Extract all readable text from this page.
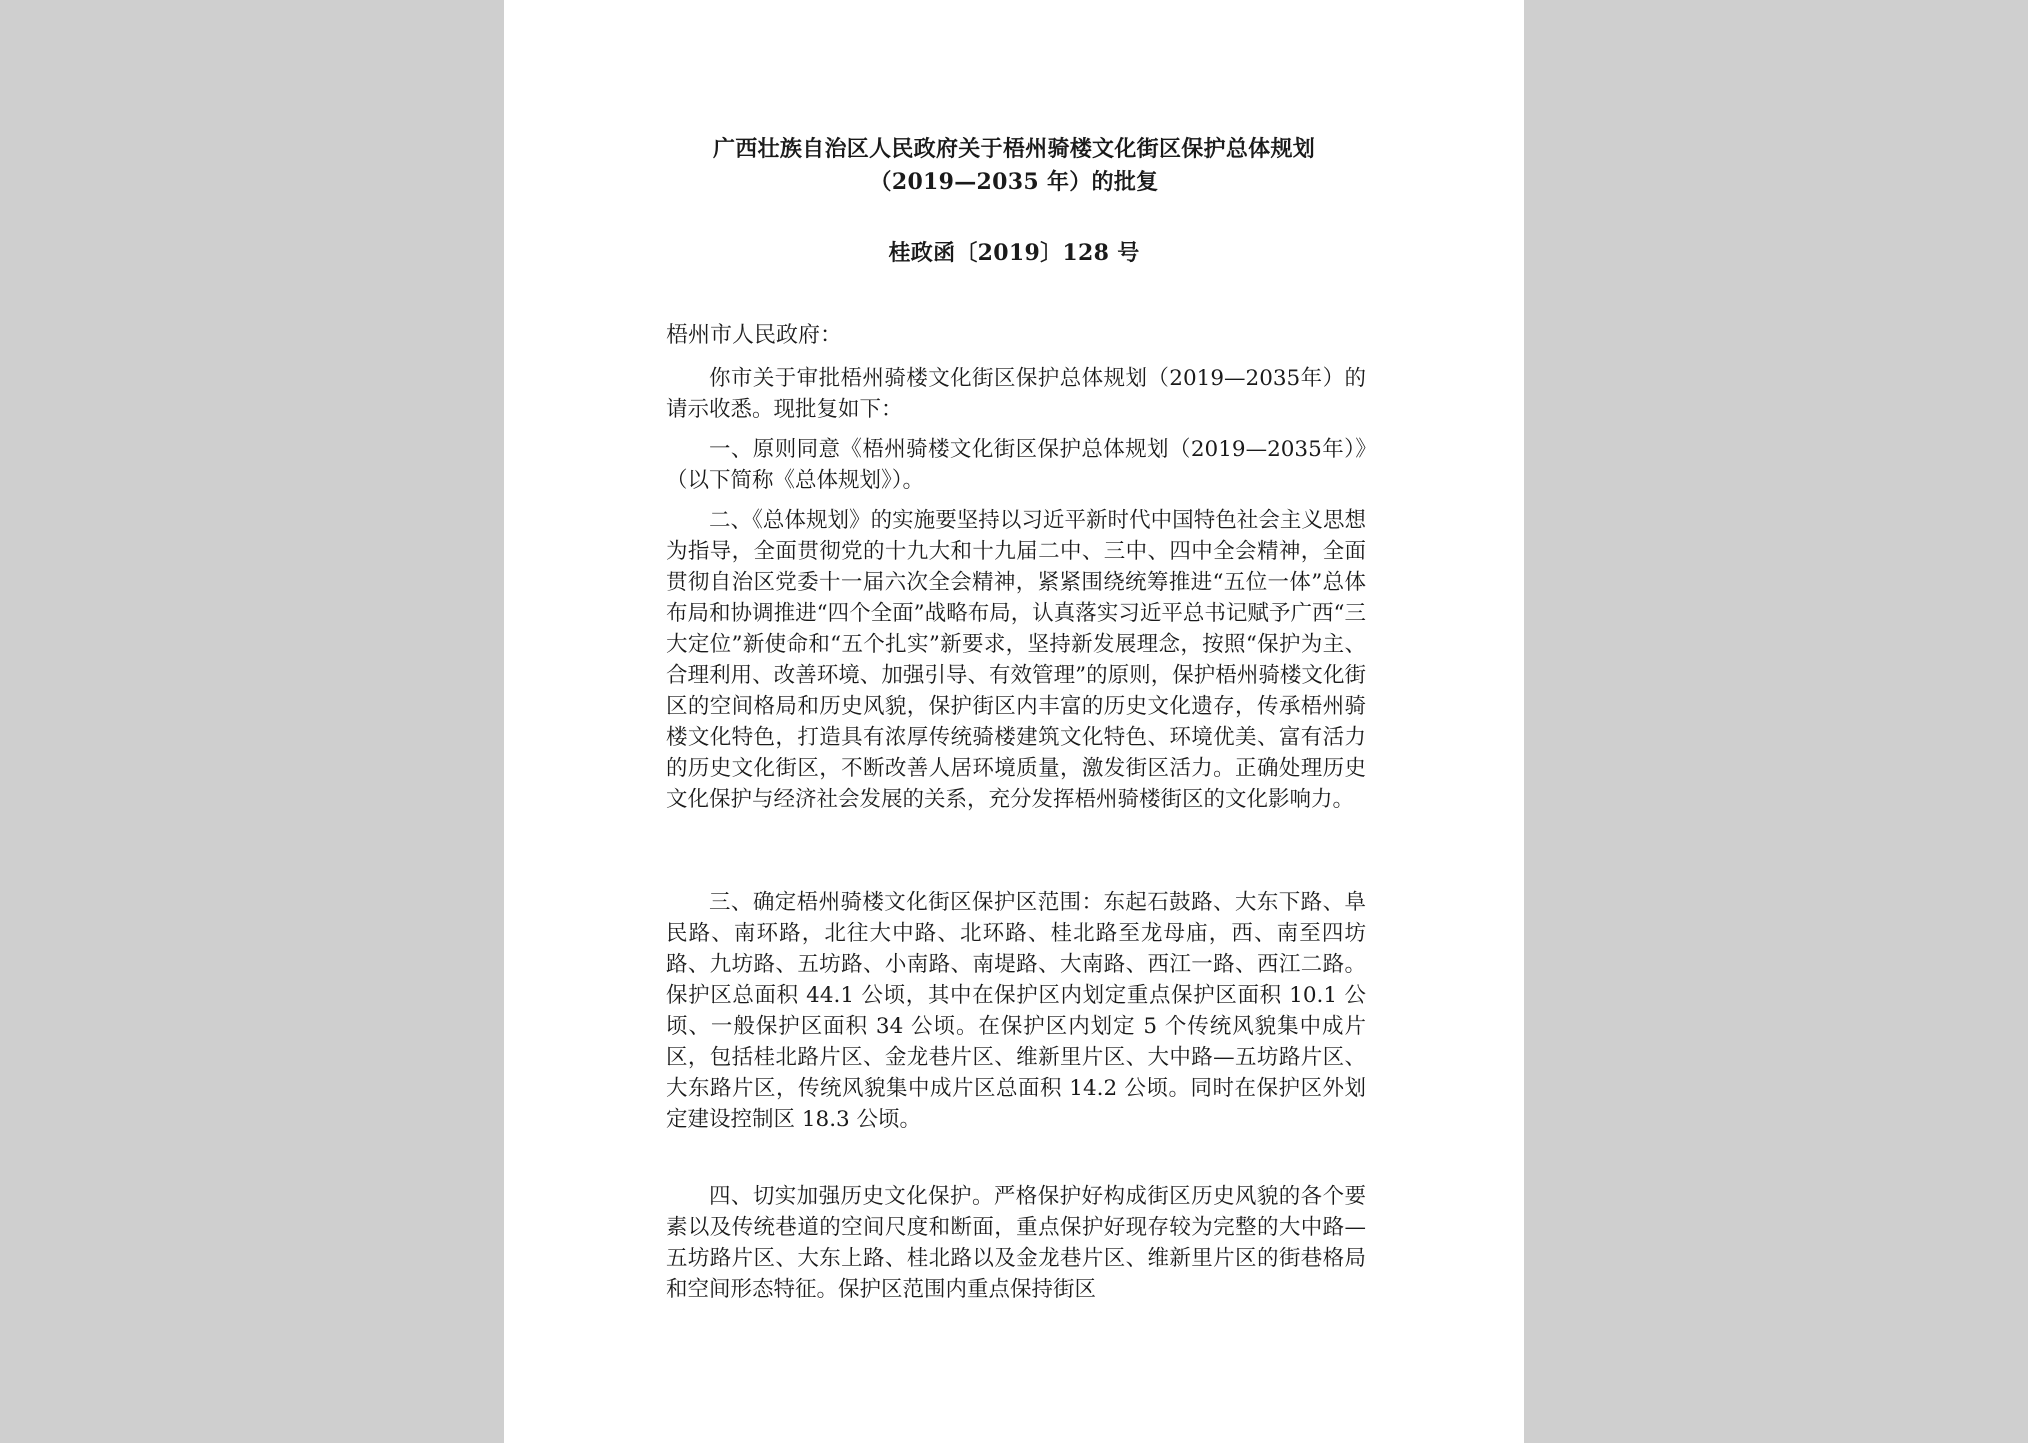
广西壮族自治区人民政府关于梧州骑楼文化街区保护总体规划
（2019—2035 年）的批复
桂政函〔2019〕128 号
梧州市人民政府：

你市关于审批梧州骑楼文化街区保护总体规划（2019—2035年）的请示收悉。现批复如下：

一、原则同意《梧州骑楼文化街区保护总体规划（2019—2035年）》（以下简称《总体规划》）。

二、《总体规划》的实施要坚持以习近平新时代中国特色社会主义思想为指导，全面贯彻党的十九大和十九届二中、三中、四中全会精神，全面贯彻自治区党委十一届六次全会精神，紧紧围绕统筹推进“五位一体”总体布局和协调推进“四个全面”战略布局，认真落实习近平总书记赋予广西“三大定位”新使命和“五个扎实”新要求，坚持新发展理念，按照“保护为主、合理利用、改善环境、加强引导、有效管理”的原则，保护梧州骑楼文化街区的空间格局和历史风貌，保护街区内丰富的历史文化遗存，传承梧州骑楼文化特色，打造具有浓厚传统骑楼建筑文化特色、环境优美、富有活力的历史文化街区，不断改善人居环境质量，激发街区活力。正确处理历史文化保护与经济社会发展的关系，充分发挥梧州骑楼街区的文化影响力。

三、确定梧州骑楼文化街区保护区范围：东起石鼓路、大东下路、阜民路、南环路，北往大中路、北环路、桂北路至龙母庙，西、南至四坊路、九坊路、五坊路、小南路、南堤路、大南路、西江一路、西江二路。保护区总面积 44.1 公顷，其中在保护区内划定重点保护区面积 10.1 公顷、一般保护区面积 34 公顷。在保护区内划定 5 个传统风貌集中成片区，包括桂北路片区、金龙巷片区、维新里片区、大中路—五坊路片区、大东路片区，传统风貌集中成片区总面积 14.2 公顷。同时在保护区外划定建设控制区 18.3 公顷。

四、切实加强历史文化保护。严格保护好构成街区历史风貌的各个要素以及传统巷道的空间尺度和断面，重点保护好现存较为完整的大中路—五坊路片区、大东上路、桂北路以及金龙巷片区、维新里片区的街巷格局和空间形态特征。保护区范围内重点保持街区
